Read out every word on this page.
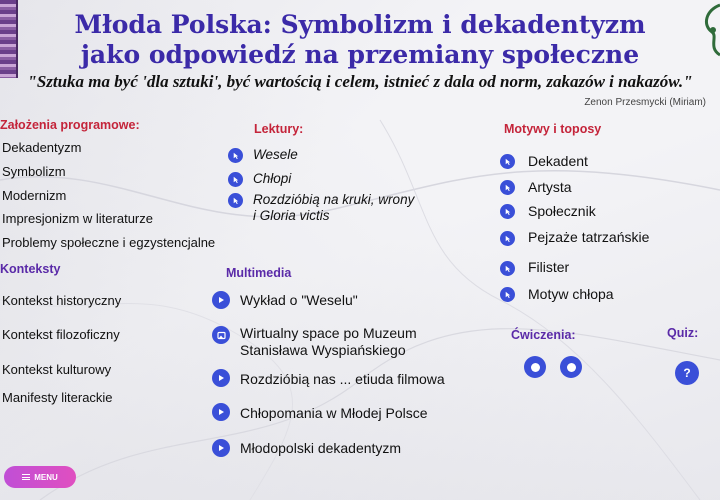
Młoda Polska: Symbolizm i dekadentyzm
jako odpowiedź na przemiany społeczne
"Sztuka ma być 'dla sztuki', być wartością i celem, istnieć z dala od norm, zakazów i nakazów."
Zenon Przesmycki (Miriam)
Założenia programowe:
Dekadentyzm
Symbolizm
Modernizm
Impresjonizm w literaturze
Problemy społeczne i egzystencjalne
Konteksty
Kontekst historyczny
Kontekst filozoficzny
Kontekst kulturowy
Manifesty literackie
Lektury:
Wesele
Chłopi
Rozdzióbią na kruki, wrony
i Gloria victis
Multimedia
Wykład o "Weselu"
Wirtualny space po Muzeum
Stanisława Wyspiańskiego
Rozdzióbią nas ... etiuda filmowa
Chłopomania w Młodej Polsce
Młodopolski dekadentyzm
Motywy i toposy
Dekadent
Artysta
Społecznik
Pejzaże tatrzańskie
Filister
Motyw chłopa
Ćwiczenia:	Quiz:
?
MENU
